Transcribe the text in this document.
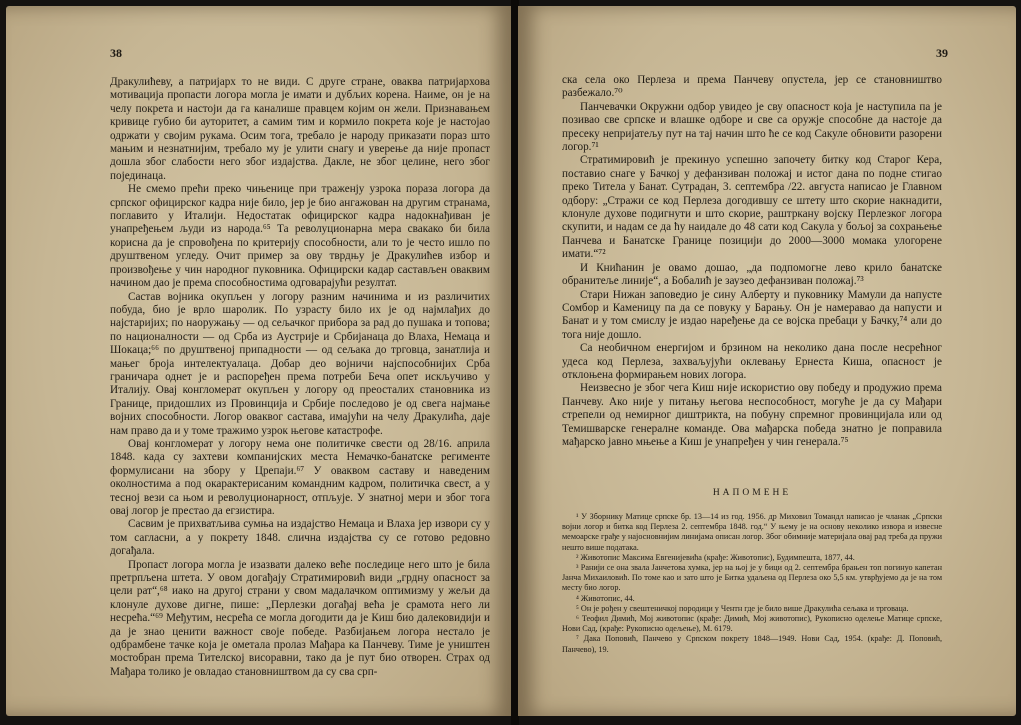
38

Дракулићеву, а патријарх то не види. С друге стране, оваква патријархова мотивација пропасти логора могла је имати и дубљих корена. Наиме, он је на челу покрета и настоји да га каналише правцем којим он жели. Признавањем кривице губио би ауторитет, а самим тим и кормило покрета које је настојао одржати у својим рукама. Осим тога, требало је народу приказати пораз што мањим и незнатнијим, требало му је улити снагу и уверење да није пропаст дошла због слабости него због издајства. Дакле, не због целине, него због појединаца.

Не смемо прећи преко чињенице при траженју узрока пораза логора да српског официрског кадра није било, јер је био ангажован на другим странама, поглавито у Италији. Недостатак официрског кадра надокнађиван је унапређењем људи из народа.⁶⁵ Та револуционарна мера свакако би била корисна да је спровођена по критерију способности, али то је често ишло по друштвеном угледу. Очит пример за ову тврдњу је Дракулићев избор и произвођење у чин народног пуковника. Официрски кадар састављен оваквим начином дао је према способностима одговарајући резултат.

Састав војника окупљен у логору разним начинима и из различитих побуда, био је врло шаролик. По узрасту било их је од најмлађих до најстаријих; по наоружању — од сељачког прибора за рад до пушака и топова; по националности — од Срба из Аустрије и Србијанаца до Влаха, Немаца и Шокаца;⁶⁶ по друштвеној припадности — од сељака до трговца, занатлија и мањег броја интелектуалаца. Добар део војничи најспособнијих Срба граничара однет је и распоређен према потреби Беча опет искључиво у Италију. Овај конгломерат окупљен у логору од преосталих становника из Границе, придошлих из Провинција и Србије последово је од свега најмање војних способности. Логор оваквог састава, имајући на челу Дракулића, даје нам право да и у томе тражимо узрок његове катастрофе.

Овај конгломерат у логору нема оне политичке свести од 28/16. априла 1848. када су захтеви компанијских места Немачко-банатске регименте формулисани на збору у Црепаји.⁶⁷ У оваквом саставу и наведеним околностима а под окарактерисаним командним кадром, политичка свест, а у тесној вези са њом и револуционарност, отпљује. У знатној мери и због тога овај логор је престао да егзистира.

Сасвим је прихватљива сумња на издајство Немаца и Влаха јер извори су у том сагласни, а у покрету 1848. слична издајства су се готово редовно догађала.

Пропаст логора могла је изазвати далеко веће последице него што је била претрпљена штета. У овом догађају Стратимировић види „грдну опасност за цели рат“,⁶⁸ иако на другој страни у свом мадалачком оптимизму у жељи да клонуле духове дигне, пише: „Перлезки догађај већа је срамота него ли несрећа.“⁶⁹ Међутим, несрећа се могла догодити да је Киш био далековидији и да је знао ценити важност своје победе. Разбијањем логора нестало је одбрамбене тачке која је ометала пролаз Мађара ка Панчеву. Тиме је уништен мостобран према Тителској висоравни, тако да је пут био отворен. Страх од Мађара толико је овладао становништвом да су сва срп-

39

ска села око Перлеза и према Панчеву опустела, јер се становништво разбежало.⁷⁰

Панчевачки Окружни одбор увидео је сву опасност која је наступила па је позивао све српске и влашке одборе и све са оружје способне да настоје да пресеку непријатељу пут на тај начин што ће се код Сакуле обновити разорени логор.⁷¹

Стратимировић је прекинуо успешно започету битку код Старог Кера, поставио снаге у Бачкој у дефанзиван положај и истог дана по подне стигао преко Титела у Банат. Сутрадан, 3. септембра /22. августа написао је Главном одбору: „Стражи се код Перлеза догодившу се штету што скорие накнадити, клонуле духове подигнути и што скорие, раштркану војску Перлезког логора скупити, и надам се да ћу наидале до 48 сати код Сакула у бољој за сохрањење Панчева и Банатске Границе позицији до 2000—3000 момака улогорене имати.“⁷²

И Книћанин је овамо дошао, „да подпомогне лево крило банатске обранитеље линије“, а Бобалић је заузео дефанзиван положај.⁷³

Стари Нижан заповедио је сину Алберту и пуковнику Мамули да напусте Сомбор и Каменицу па да се повуку у Барању. Он је намеравао да напусти и Банат и у том смислу је издао наређење да се војска пребаци у Бачку,⁷⁴ али до тога није дошло.

Са необичном енергијом и брзином на неколико дана после несрећног удеса код Перлеза, захваљујући оклевању Ернеста Киша, опасност је отклоњена формирањем нових логора.

Неизвесно је због чега Киш није искористио ову победу и продужио према Панчеву. Ако није у питању његова неспособност, могуће је да су Мађари стрепели од немирног диштрикта, на побуну спремног провинцијала или од Темишварске генералне команде. Ова мађарска победа знатно је поправила мађарско јавно мњење а Киш је унапређен у чин генерала.⁷⁵

НАПОМЕНЕ

¹ У Зборнику Матице српске бр. 13—14 из год. 1956. др Миховил Томандл написао је чланак „Српски војни логор и битка код Перлеза 2. септембра 1848. год.“ У њему је на основу неколико извора и извесне мемоарске грађе у најосновнијим линијама описан логор. Због обимније материјала овај рад треба да пружи нешто више података.

² Животопис Максима Евгенијевића (крађе: Животопис), Будимпешта, 1877, 44.

³ Ранији се она звала Јанчетова хумка, јер на њој је у бици од 2. септембра брањен топ погинуо капетан Јанча Михаиловић. По томе као и зато што је Битка удаљена од Перлеза око 5,5 км. утврђујемо да је на том месту био логор.

⁴ Животопис, 44.

⁵ Он је рођен у свештеничкој породици у Чентн где је било више Дракулића сељака и трговаца.

⁶ Теофил Димић, Мој животопис (крађе: Димић, Мој животопис), Рукописно оделење Матице српске, Нови Сад, (крађе: Рукописно одељење), М. 6179.

⁷ Дака Поповић, Панчево у Српском покрету 1848—1949. Нови Сад, 1954. (крађе: Д. Поповић, Панчево), 19.
